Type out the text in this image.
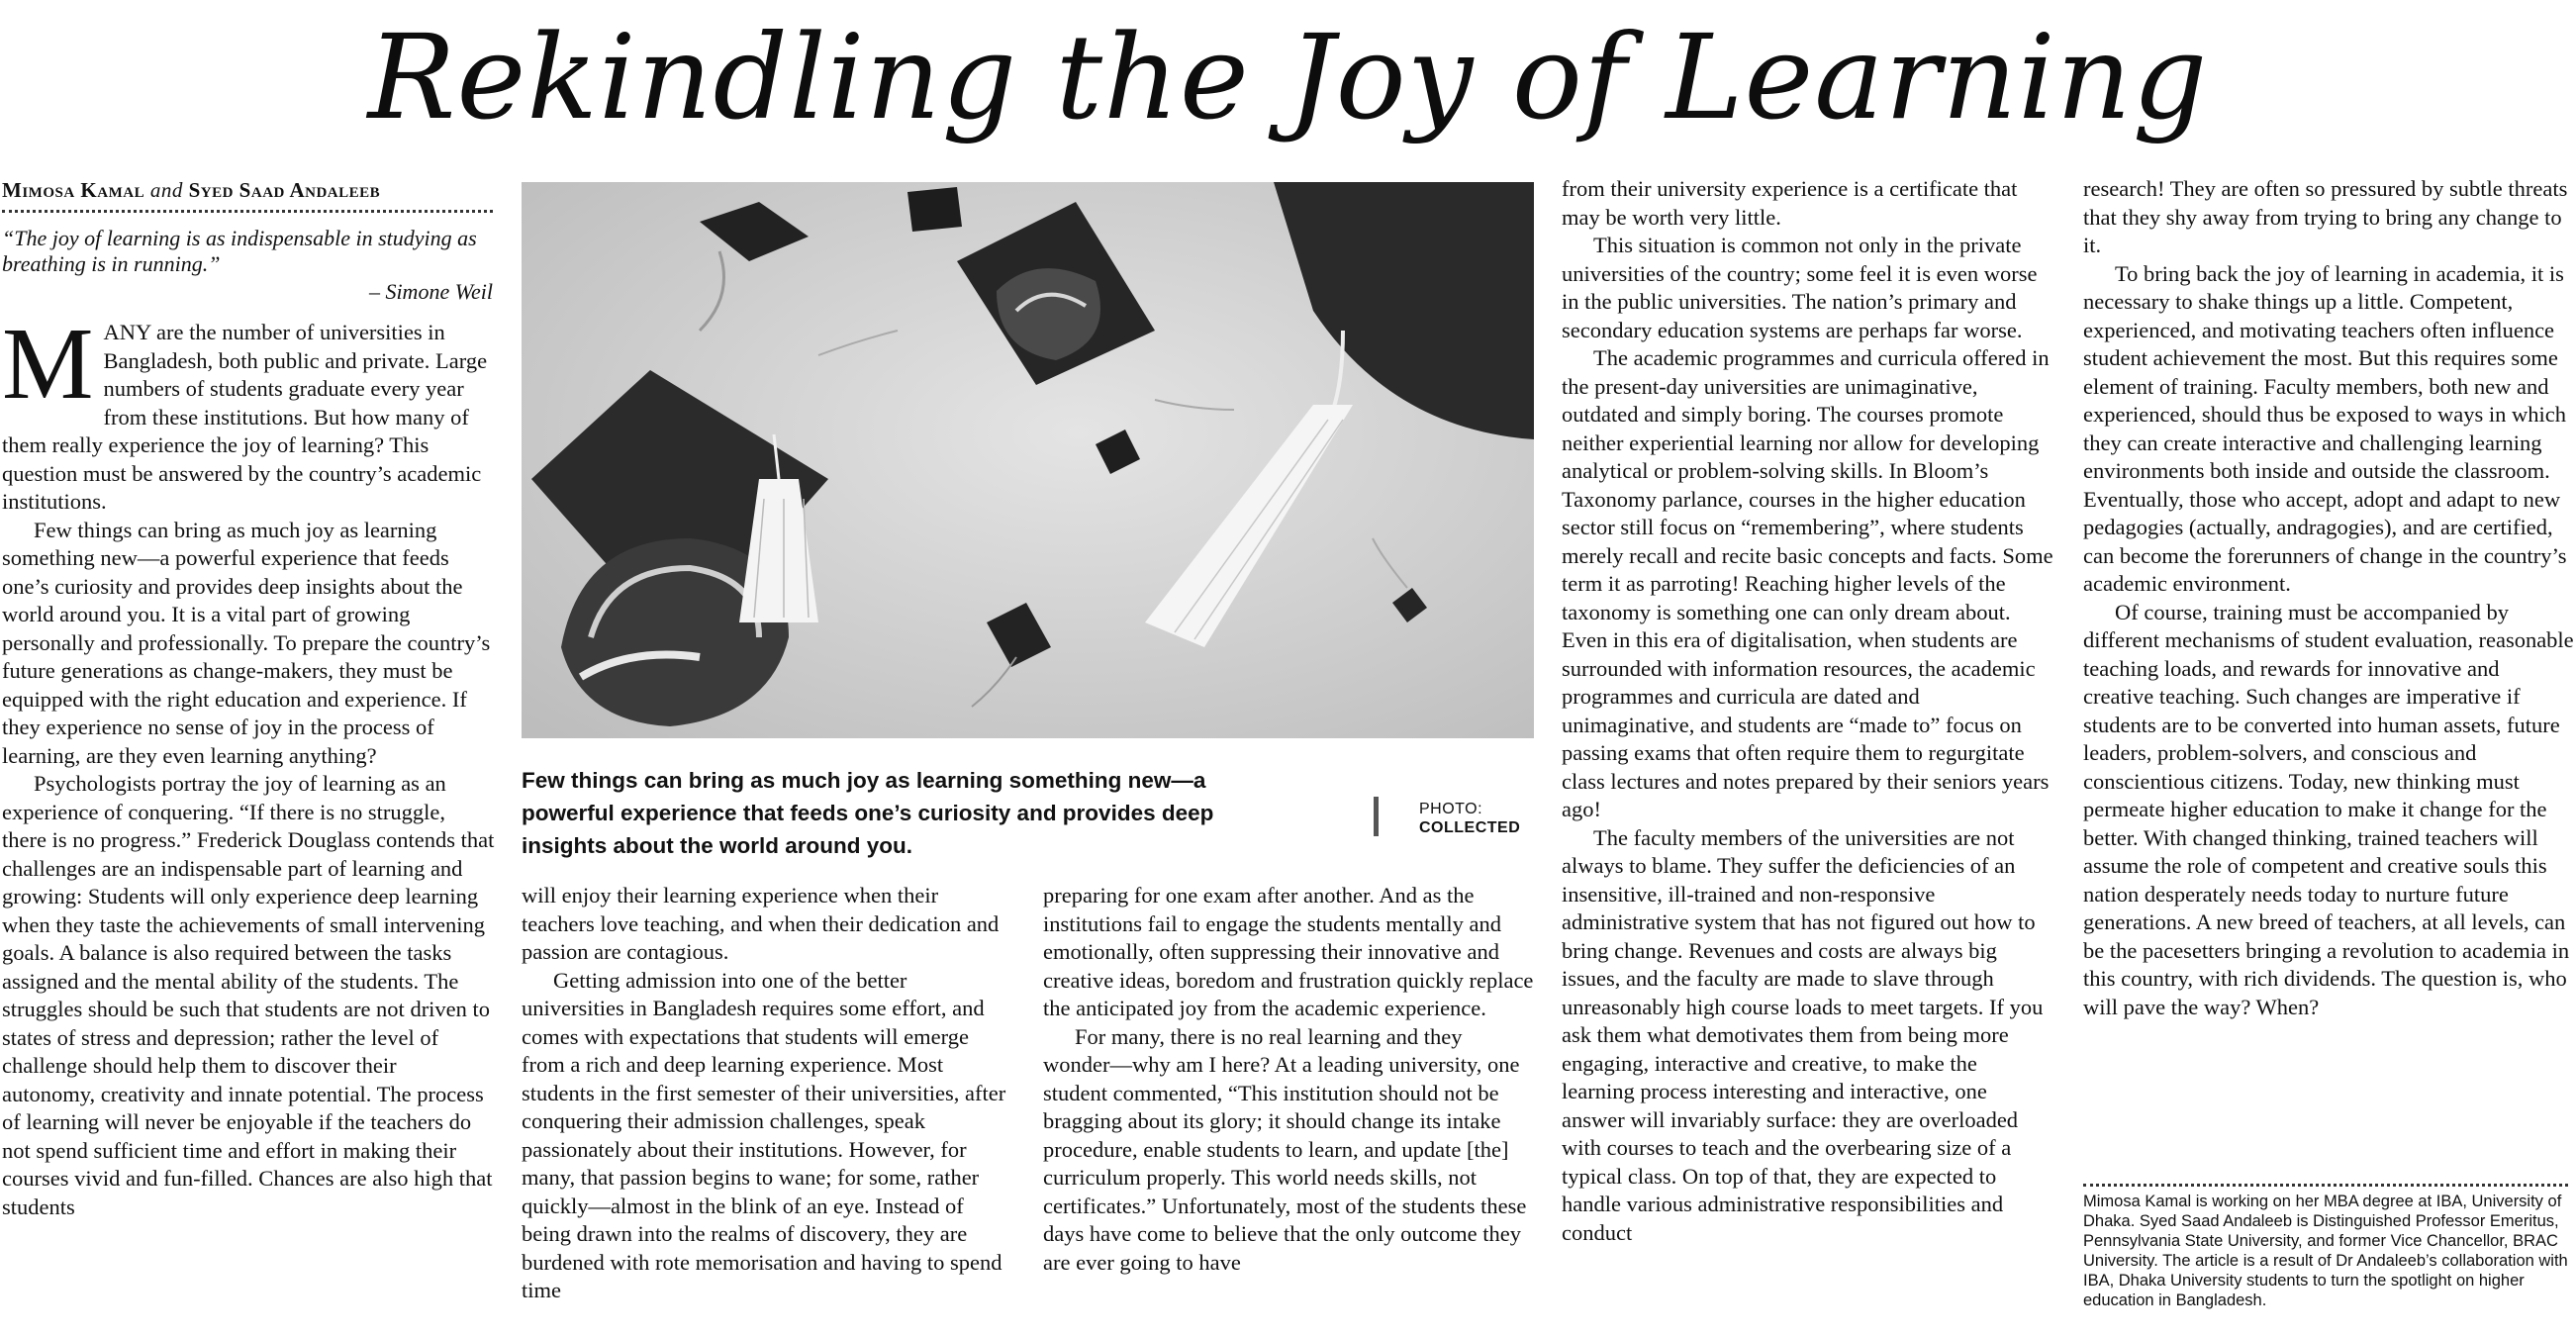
Rekindling the Joy of Learning
Mimosa Kamal and Syed Saad Andaleeb
“The joy of learning is as indispensable in studying as breathing is in running.”
– Simone Weil

MANY are the number of universities in Bangladesh, both public and private. Large numbers of students graduate every year from these institutions. But how many of them really experience the joy of learning? This question must be answered by the country’s academic institutions.

Few things can bring as much joy as learning something new—a powerful experience that feeds one’s curiosity and provides deep insights about the world around you. It is a vital part of growing personally and professionally. To prepare the country’s future generations as change-makers, they must be equipped with the right education and experience. If they experience no sense of joy in the process of learning, are they even learning anything?

Psychologists portray the joy of learning as an experience of conquering. “If there is no struggle, there is no progress.” Frederick Douglass contends that challenges are an indispensable part of learning and growing: Students will only experience deep learning when they taste the achievements of small intervening goals. A balance is also required between the tasks assigned and the mental ability of the students. The struggles should be such that students are not driven to states of stress and depression; rather the level of challenge should help them to discover their autonomy, creativity and innate potential. The process of learning will never be enjoyable if the teachers do not spend sufficient time and effort in making their courses vivid and fun-filled. Chances are also high that students

Few things can bring as much joy as learning something new—a powerful experience that feeds one’s curiosity and provides deep insights about the world around you.
PHOTO:
COLLECTED

will enjoy their learning experience when their teachers love teaching, and when their dedication and passion are contagious.

Getting admission into one of the better universities in Bangladesh requires some effort, and comes with expectations that students will emerge from a rich and deep learning experience. Most students in the first semester of their universities, after conquering their admission challenges, speak passionately about their institutions. However, for many, that passion begins to wane; for some, rather quickly—almost in the blink of an eye. Instead of being drawn into the realms of discovery, they are burdened with rote memorisation and having to spend time

preparing for one exam after another. And as the institutions fail to engage the students mentally and emotionally, often suppressing their innovative and creative ideas, boredom and frustration quickly replace the anticipated joy from the academic experience.

For many, there is no real learning and they wonder—why am I here? At a leading university, one student commented, “This institution should not be bragging about its glory; it should change its intake procedure, enable students to learn, and update [the] curriculum properly. This world needs skills, not certificates.” Unfortunately, most of the students these days have come to believe that the only outcome they are ever going to have

from their university experience is a certificate that may be worth very little.

This situation is common not only in the private universities of the country; some feel it is even worse in the public universities. The nation’s primary and secondary education systems are perhaps far worse.

The academic programmes and curricula offered in the present-day universities are unimaginative, outdated and simply boring. The courses promote neither experiential learning nor allow for developing analytical or problem-solving skills. In Bloom’s Taxonomy parlance, courses in the higher education sector still focus on “remembering”, where students merely recall and recite basic concepts and facts. Some term it as parroting! Reaching higher levels of the taxonomy is something one can only dream about. Even in this era of digitalisation, when students are surrounded with information resources, the academic programmes and curricula are dated and unimaginative, and students are “made to” focus on passing exams that often require them to regurgitate class lectures and notes prepared by their seniors years ago!

The faculty members of the universities are not always to blame. They suffer the deficiencies of an insensitive, ill-trained and non-responsive administrative system that has not figured out how to bring change. Revenues and costs are always big issues, and the faculty are made to slave through unreasonably high course loads to meet targets. If you ask them what demotivates them from being more engaging, interactive and creative, to make the learning process interesting and interactive, one answer will invariably surface: they are overloaded with courses to teach and the overbearing size of a typical class. On top of that, they are expected to handle various administrative responsibilities and conduct

research! They are often so pressured by subtle threats that they shy away from trying to bring any change to it.

To bring back the joy of learning in academia, it is necessary to shake things up a little. Competent, experienced, and motivating teachers often influence student achievement the most. But this requires some element of training. Faculty members, both new and experienced, should thus be exposed to ways in which they can create interactive and challenging learning environments both inside and outside the classroom. Eventually, those who accept, adopt and adapt to new pedagogies (actually, andragogies), and are certified, can become the forerunners of change in the country’s academic environment.

Of course, training must be accompanied by different mechanisms of student evaluation, reasonable teaching loads, and rewards for innovative and creative teaching. Such changes are imperative if students are to be converted into human assets, future leaders, problem-solvers, and conscious and conscientious citizens. Today, new thinking must permeate higher education to make it change for the better. With changed thinking, trained teachers will assume the role of competent and creative souls this nation desperately needs today to nurture future generations. A new breed of teachers, at all levels, can be the pacesetters bringing a revolution to academia in this country, with rich dividends. The question is, who will pave the way? When?

Mimosa Kamal is working on her MBA degree at IBA, University of Dhaka. Syed Saad Andaleeb is Distinguished Professor Emeritus, Pennsylvania State University, and former Vice Chancellor, BRAC University. The article is a result of Dr Andaleeb’s collaboration with IBA, Dhaka University students to turn the spotlight on higher education in Bangladesh.
